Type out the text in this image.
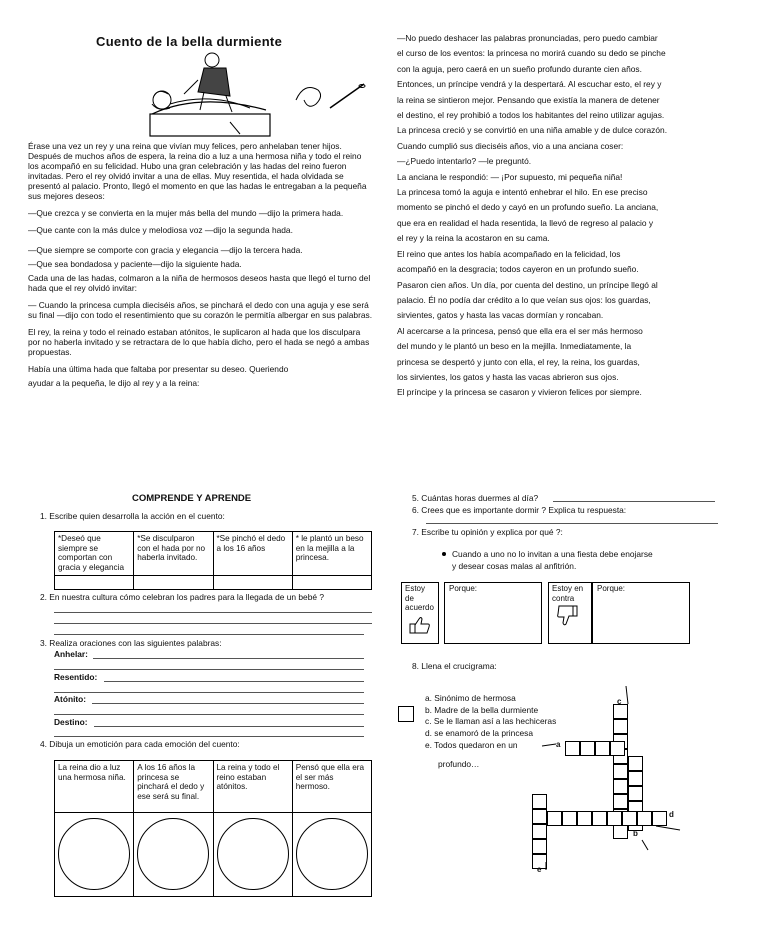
Cuento de la bella durmiente

Érase una vez un rey y una reina que vivían muy felices, pero anhelaban tener hijos. Después de muchos años de espera, la reina dio a luz a una hermosa niña y todo el reino los acompañó en su felicidad. Hubo una gran celebración y las hadas del reino fueron invitadas. Pero el rey olvidó invitar a una de ellas. Muy resentida, el hada olvidada se presentó al palacio. Pronto, llegó el momento en que las hadas le entregaban a la pequeña sus mejores deseos:

—Que crezca y se convierta en la mujer más bella del mundo —dijo la primera hada.

—Que cante con la más dulce y melodiosa voz —dijo la segunda hada.

—Que siempre se comporte con gracia y elegancia —dijo la tercera hada.

—Que sea bondadosa y paciente—dijo la siguiente hada.

Cada una de las hadas, colmaron a la niña de hermosos deseos hasta que llegó el turno del hada que el rey olvidó invitar:

— Cuando la princesa cumpla dieciséis años, se pinchará el dedo con una aguja y ese será su final —dijo con todo el resentimiento que su corazón le permitía albergar en sus palabras.

El rey, la reina y todo el reinado estaban atónitos, le suplicaron al hada que los disculpara por no haberla invitado y se retractara de lo que había dicho, pero el hada se negó a ambas propuestas.

Había una última hada que faltaba por presentar su deseo. Queriendo

ayudar a la pequeña, le dijo al rey y a la reina:

—No puedo deshacer las palabras pronunciadas, pero puedo cambiar

el curso de los eventos: la princesa no morirá cuando su dedo se pinche

con la aguja, pero caerá en un sueño profundo durante cien años.

Entonces, un príncipe vendrá y la despertará. Al escuchar esto, el rey y

la reina se sintieron mejor. Pensando que existía la manera de detener

el destino, el rey prohibió a todos los habitantes del reino utilizar agujas.

La princesa creció y se convirtió en una niña amable y de dulce corazón.

Cuando cumplió sus dieciséis años, vio a una anciana coser:

—¿Puedo intentarlo? —le preguntó.

La anciana le respondió: — ¡Por supuesto, mi pequeña niña!

La princesa tomó la aguja e intentó enhebrar el hilo. En ese preciso

momento se pinchó el dedo y cayó en un profundo sueño. La anciana,

que era en realidad el hada resentida, la llevó de regreso al palacio y

el rey y la reina la acostaron en su cama.

El reino que antes los había acompañado en la felicidad, los

acompañó en la desgracia; todos cayeron en un profundo sueño.

Pasaron cien años. Un día, por cuenta del destino, un príncipe llegó al

palacio. Él no podía dar crédito a lo que veían sus ojos: los guardas,

sirvientes, gatos y hasta las vacas dormían y roncaban.

Al acercarse a la princesa, pensó que ella era el ser más hermoso

del mundo y le plantó un beso en la mejilla. Inmediatamente, la

princesa se despertó y junto con ella, el rey, la reina, los guardas,

los sirvientes, los gatos y hasta las vacas abrieron sus ojos.

El príncipe y la princesa se casaron y vivieron felices por siempre.

COMPRENDE Y APRENDE
1. Escribe quien desarrolla la acción en el cuento:
*Deseó que siempre se comportan con gracia y elegancia	*Se disculparon con el hada por no haberla invitado.	*Se pinchó el dedo a los 16 años	* le plantó un beso en la mejilla a la princesa.

2. En nuestra cultura cómo celebran los padres para la llegada de un bebé ?
3. Realiza oraciones con las siguientes palabras:
Anhelar:
Resentido:
Atónito:
Destino:
4. Dibuja un emotición para cada emoción del cuento:
La reina dio a luz una hermosa niña.	A los 16 años la princesa se pinchará el dedo y ese será su final.	La reina y todo el reino estaban atónitos.	Pensó que ella era el ser más hermoso.

5. Cuántas horas duermes al día?
6. Crees que es importante dormir ? Explica tu respuesta:
7. Escribe tu opinión y explica por qué ?:
Cuando a uno no lo invitan a una fiesta debe enojarse
y desear cosas malas al anfitrión.
Estoy de acuerdo
Porque:	Estoy en contra
Porque:
8. Llena el crucigrama:
a. Sinónimo de hermosa
b. Madre de la bella durmiente
c. Se le llaman así a las hechiceras
d. se enamoró de la princesa
e. Todos quedaron en un
profundo…
c
a
d
b
e
